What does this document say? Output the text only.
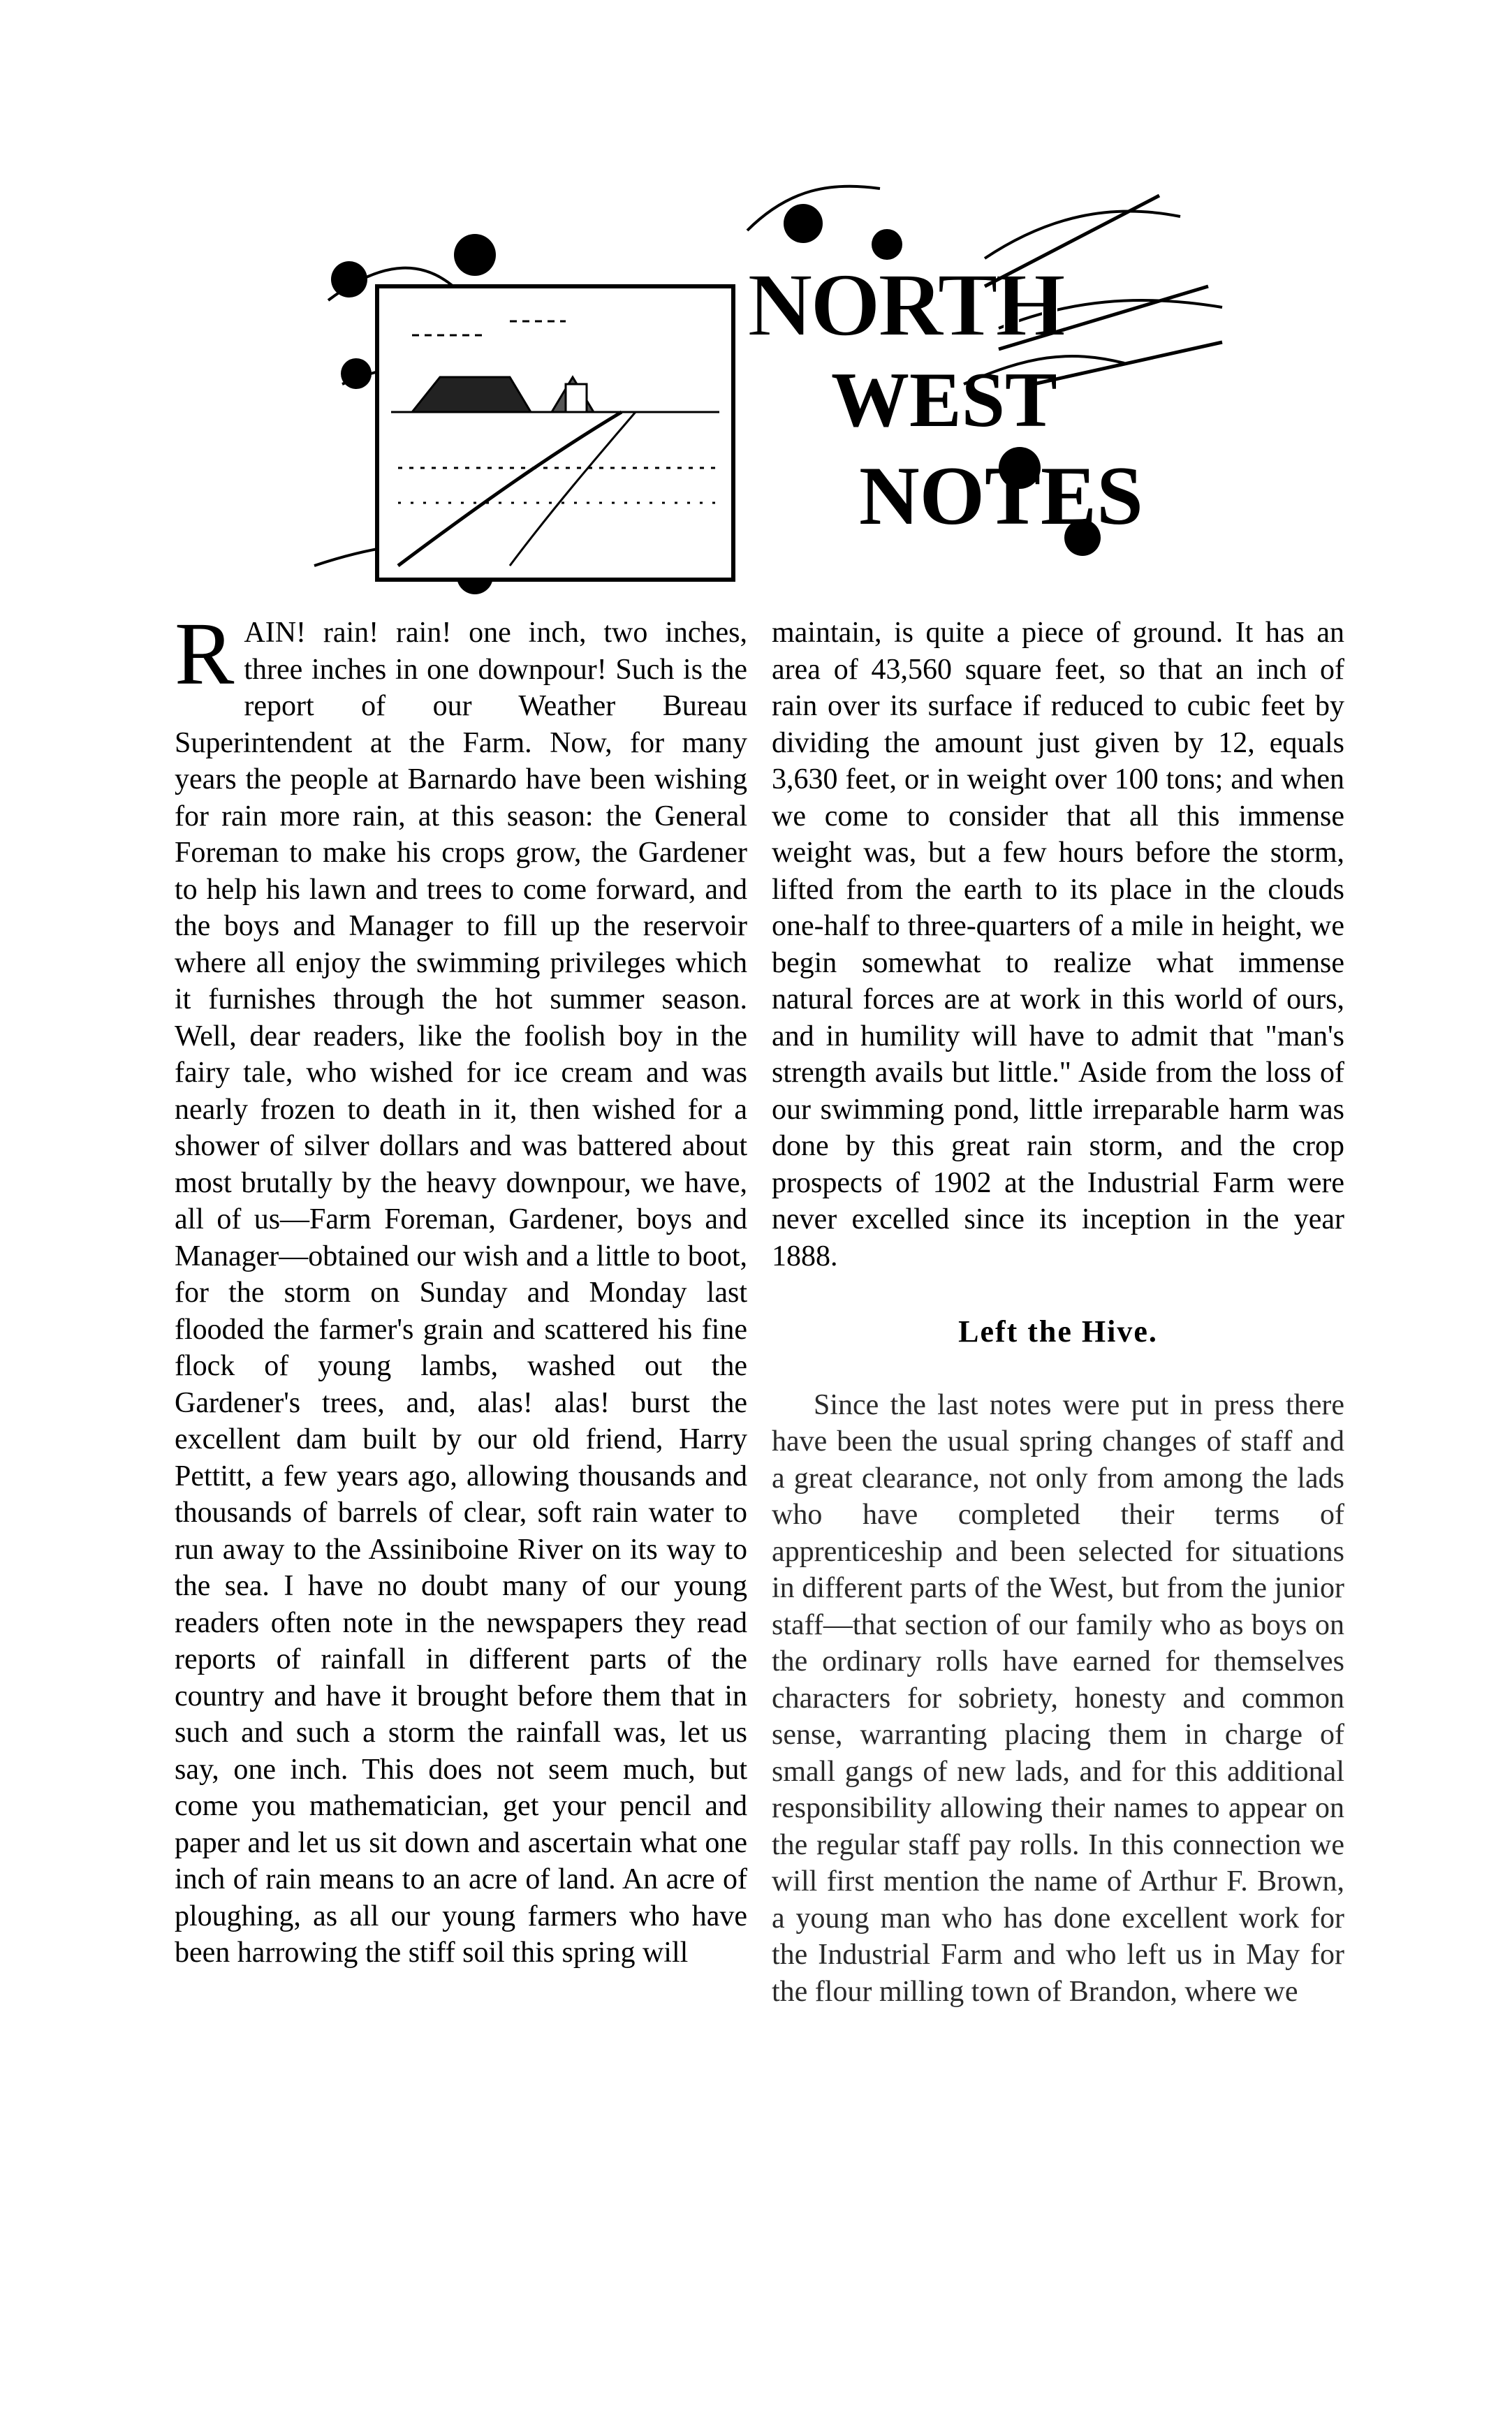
NORTH
WEST
NOTES

RAIN! rain! rain! one inch, two inches, three inches in one downpour! Such is the report of our Weather Bureau Superintendent at the Farm. Now, for many years the people at Barnardo have been wishing for rain more rain, at this season: the General Foreman to make his crops grow, the Gardener to help his lawn and trees to come forward, and the boys and Manager to fill up the reservoir where all enjoy the swimming privileges which it furnishes through the hot summer season. Well, dear readers, like the foolish boy in the fairy tale, who wished for ice cream and was nearly frozen to death in it, then wished for a shower of silver dollars and was battered about most brutally by the heavy downpour, we have, all of us—Farm Foreman, Gardener, boys and Manager—obtained our wish and a little to boot, for the storm on Sunday and Monday last flooded the farmer's grain and scattered his fine flock of young lambs, washed out the Gardener's trees, and, alas! alas! burst the excellent dam built by our old friend, Harry Pettitt, a few years ago, allowing thousands and thousands of barrels of clear, soft rain water to run away to the Assiniboine River on its way to the sea. I have no doubt many of our young readers often note in the newspapers they read reports of rainfall in different parts of the country and have it brought before them that in such and such a storm the rainfall was, let us say, one inch. This does not seem much, but come you mathematician, get your pencil and paper and let us sit down and ascertain what one inch of rain means to an acre of land. An acre of ploughing, as all our young farmers who have been harrowing the stiff soil this spring will

maintain, is quite a piece of ground. It has an area of 43,560 square feet, so that an inch of rain over its surface if reduced to cubic feet by dividing the amount just given by 12, equals 3,630 feet, or in weight over 100 tons; and when we come to consider that all this immense weight was, but a few hours before the storm, lifted from the earth to its place in the clouds one-half to three-quarters of a mile in height, we begin somewhat to realize what immense natural forces are at work in this world of ours, and in humility will have to admit that "man's strength avails but little." Aside from the loss of our swimming pond, little irreparable harm was done by this great rain storm, and the crop prospects of 1902 at the Industrial Farm were never excelled since its inception in the year 1888.

Left the Hive.

Since the last notes were put in press there have been the usual spring changes of staff and a great clearance, not only from among the lads who have completed their terms of apprenticeship and been selected for situations in different parts of the West, but from the junior staff—that section of our family who as boys on the ordinary rolls have earned for themselves characters for sobriety, honesty and common sense, warranting placing them in charge of small gangs of new lads, and for this additional responsibility allowing their names to appear on the regular staff pay rolls. In this connection we will first mention the name of Arthur F. Brown, a young man who has done excellent work for the Industrial Farm and who left us in May for the flour milling town of Brandon, where we
